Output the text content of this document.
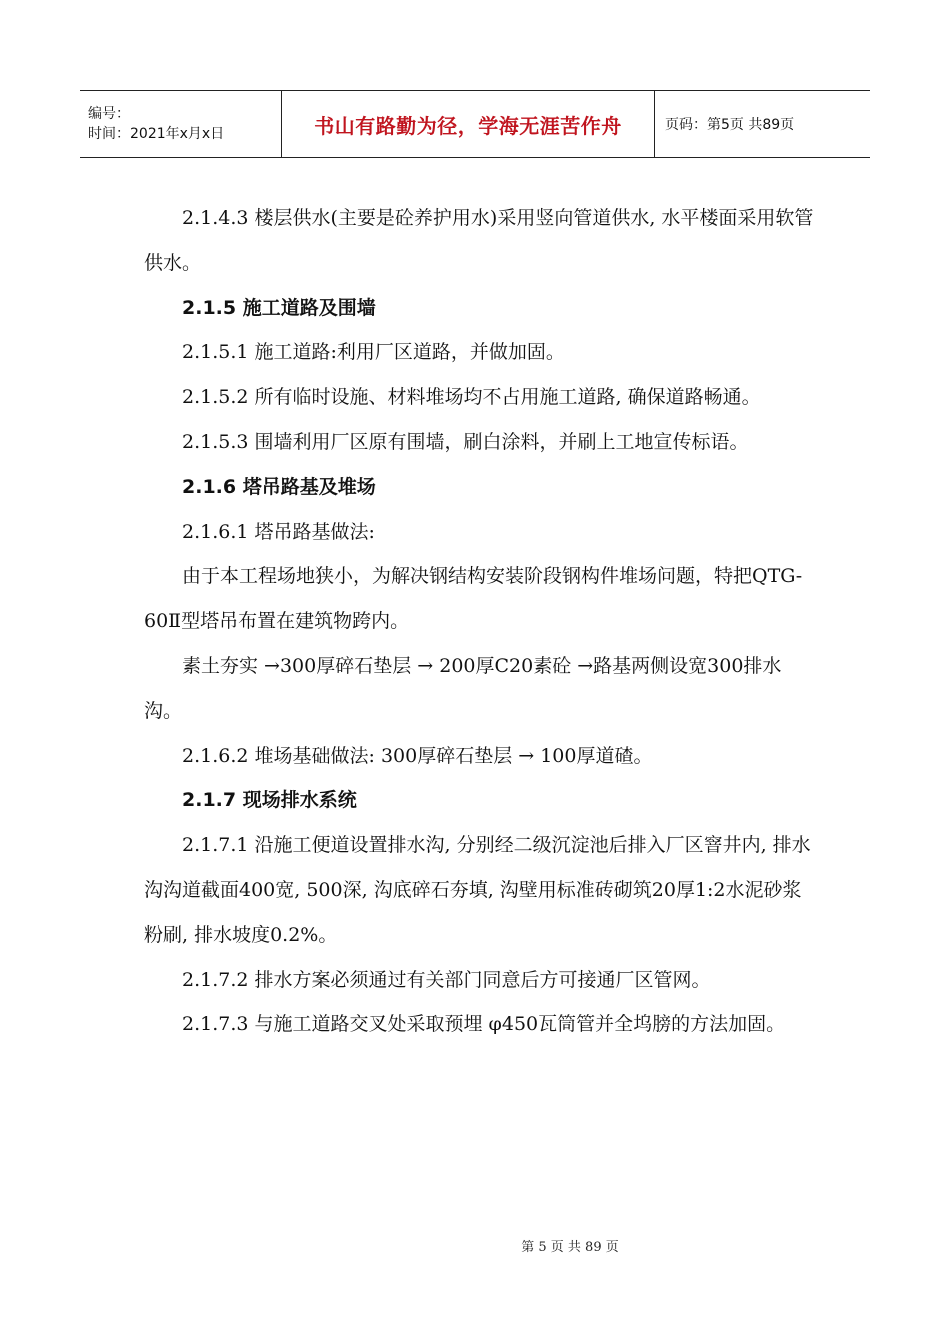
编号：
时间：2021年x月x日	书山有路勤为径，学海无涯苦作舟	页码：第5页 共89页

2.1.4.3 楼层供水(主要是砼养护用水)采用竖向管道供水, 水平楼面采用软管供水。

2.1.5 施工道路及围墙

2.1.5.1 施工道路:利用厂区道路，并做加固。

2.1.5.2 所有临时设施、材料堆场均不占用施工道路, 确保道路畅通。

2.1.5.3 围墙利用厂区原有围墙，刷白涂料，并刷上工地宣传标语。

2.1.6 塔吊路基及堆场

2.1.6.1 塔吊路基做法:

由于本工程场地狭小，为解决钢结构安装阶段钢构件堆场问题，特把QTG-60Ⅱ型塔吊布置在建筑物跨内。

素土夯实 →300厚碎石垫层 → 200厚C20素砼 →路基两侧设宽300排水沟。

2.1.6.2 堆场基础做法: 300厚碎石垫层 → 100厚道碴。

2.1.7 现场排水系统

2.1.7.1 沿施工便道设置排水沟, 分别经二级沉淀池后排入厂区窨井内, 排水沟沟道截面400宽, 500深, 沟底碎石夯填, 沟壁用标准砖砌筑20厚1:2水泥砂浆粉刷, 排水坡度0.2%。

2.1.7.2 排水方案必须通过有关部门同意后方可接通厂区管网。

2.1.7.3 与施工道路交叉处采取预埋 φ450瓦筒管并全坞膀的方法加固。

第 5 页 共 89 页
